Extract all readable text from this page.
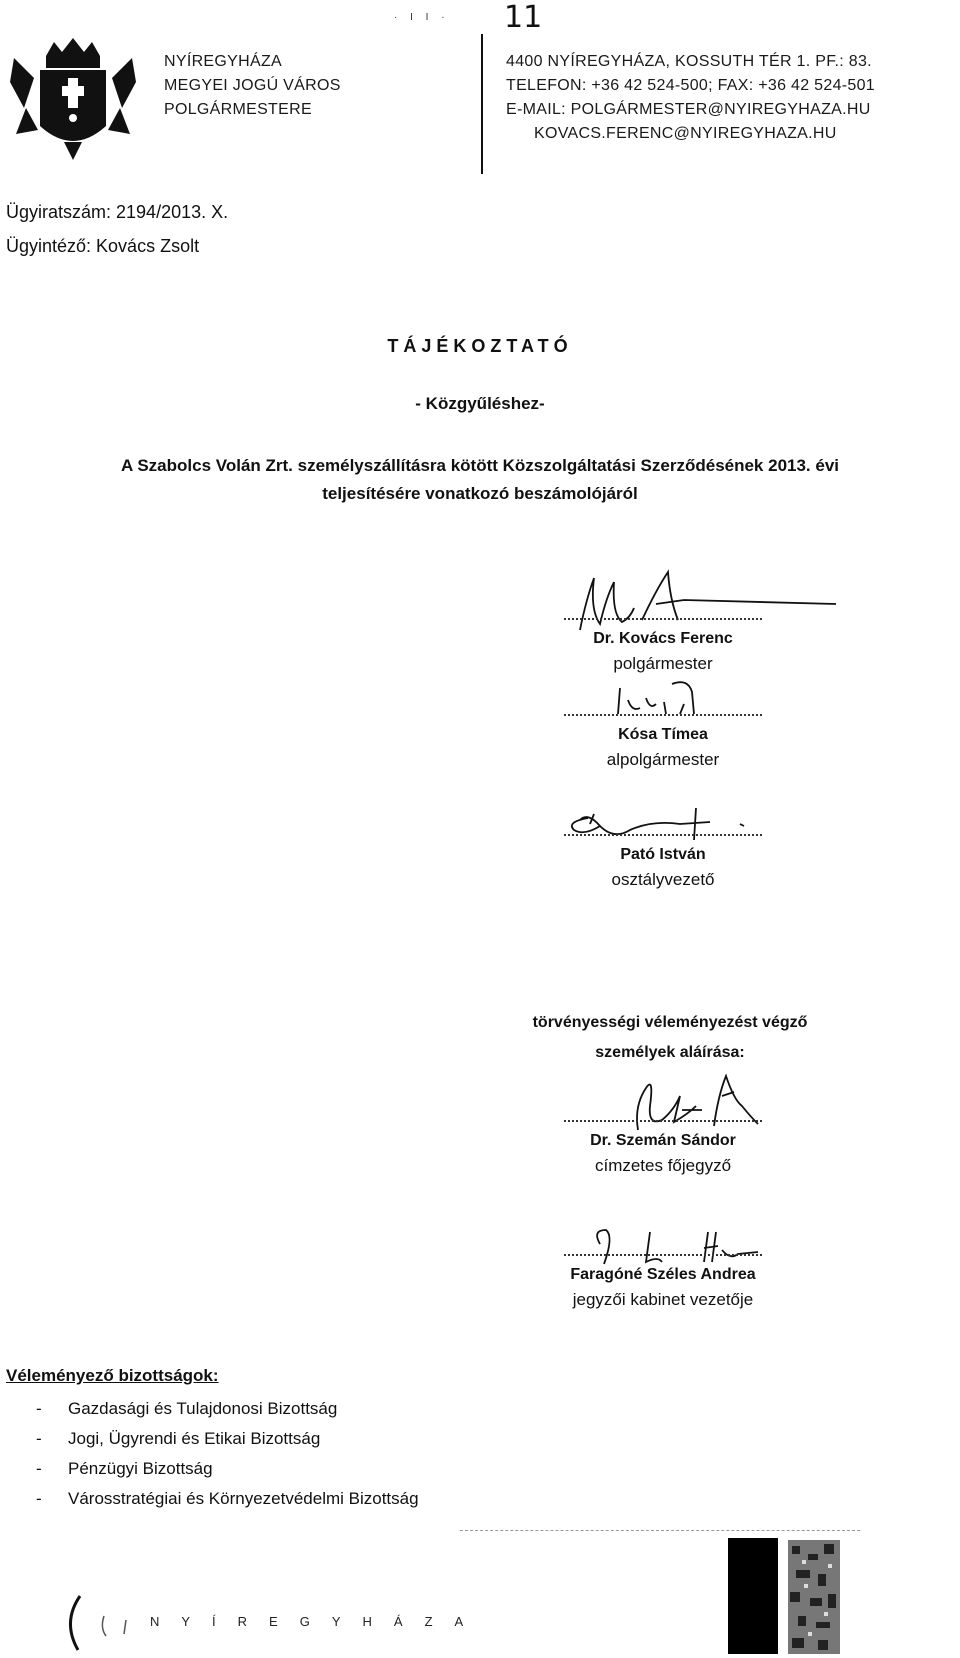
· I I · 11
NYÍREGYHÁZA
MEGYEI JOGÚ VÁROS
POLGÁRMESTERE
4400 NYÍREGYHÁZA, KOSSUTH TÉR 1. PF.: 83.
TELEFON: +36 42 524-500; FAX: +36 42 524-501
E-MAIL: POLGÁRMESTER@NYIREGYHAZA.HU
KOVACS.FERENC@NYIREGYHAZA.HU
Ügyiratszám: 2194/2013. X.
Ügyintéző: Kovács Zsolt
TÁJÉKOZTATÓ
- Közgyűléshez-
A Szabolcs Volán Zrt. személyszállításra kötött Közszolgáltatási Szerződésének 2013. évi
teljesítésére vonatkozó beszámolójáról
Dr. Kovács Ferenc
polgármester
Kósa Tímea
alpolgármester
Pató István
osztályvezető
törvényességi véleményezést végző
személyek aláírása:
Dr. Szemán Sándor
címzetes főjegyző
Faragóné Széles Andrea
jegyzői kabinet vezetője
Véleményező bizottságok:
- Gazdasági és Tulajdonosi Bizottság
- Jogi, Ügyrendi és Etikai Bizottság
- Pénzügyi Bizottság
- Városstratégiai és Környezetvédelmi Bizottság
NYÍREGYHÁZA
